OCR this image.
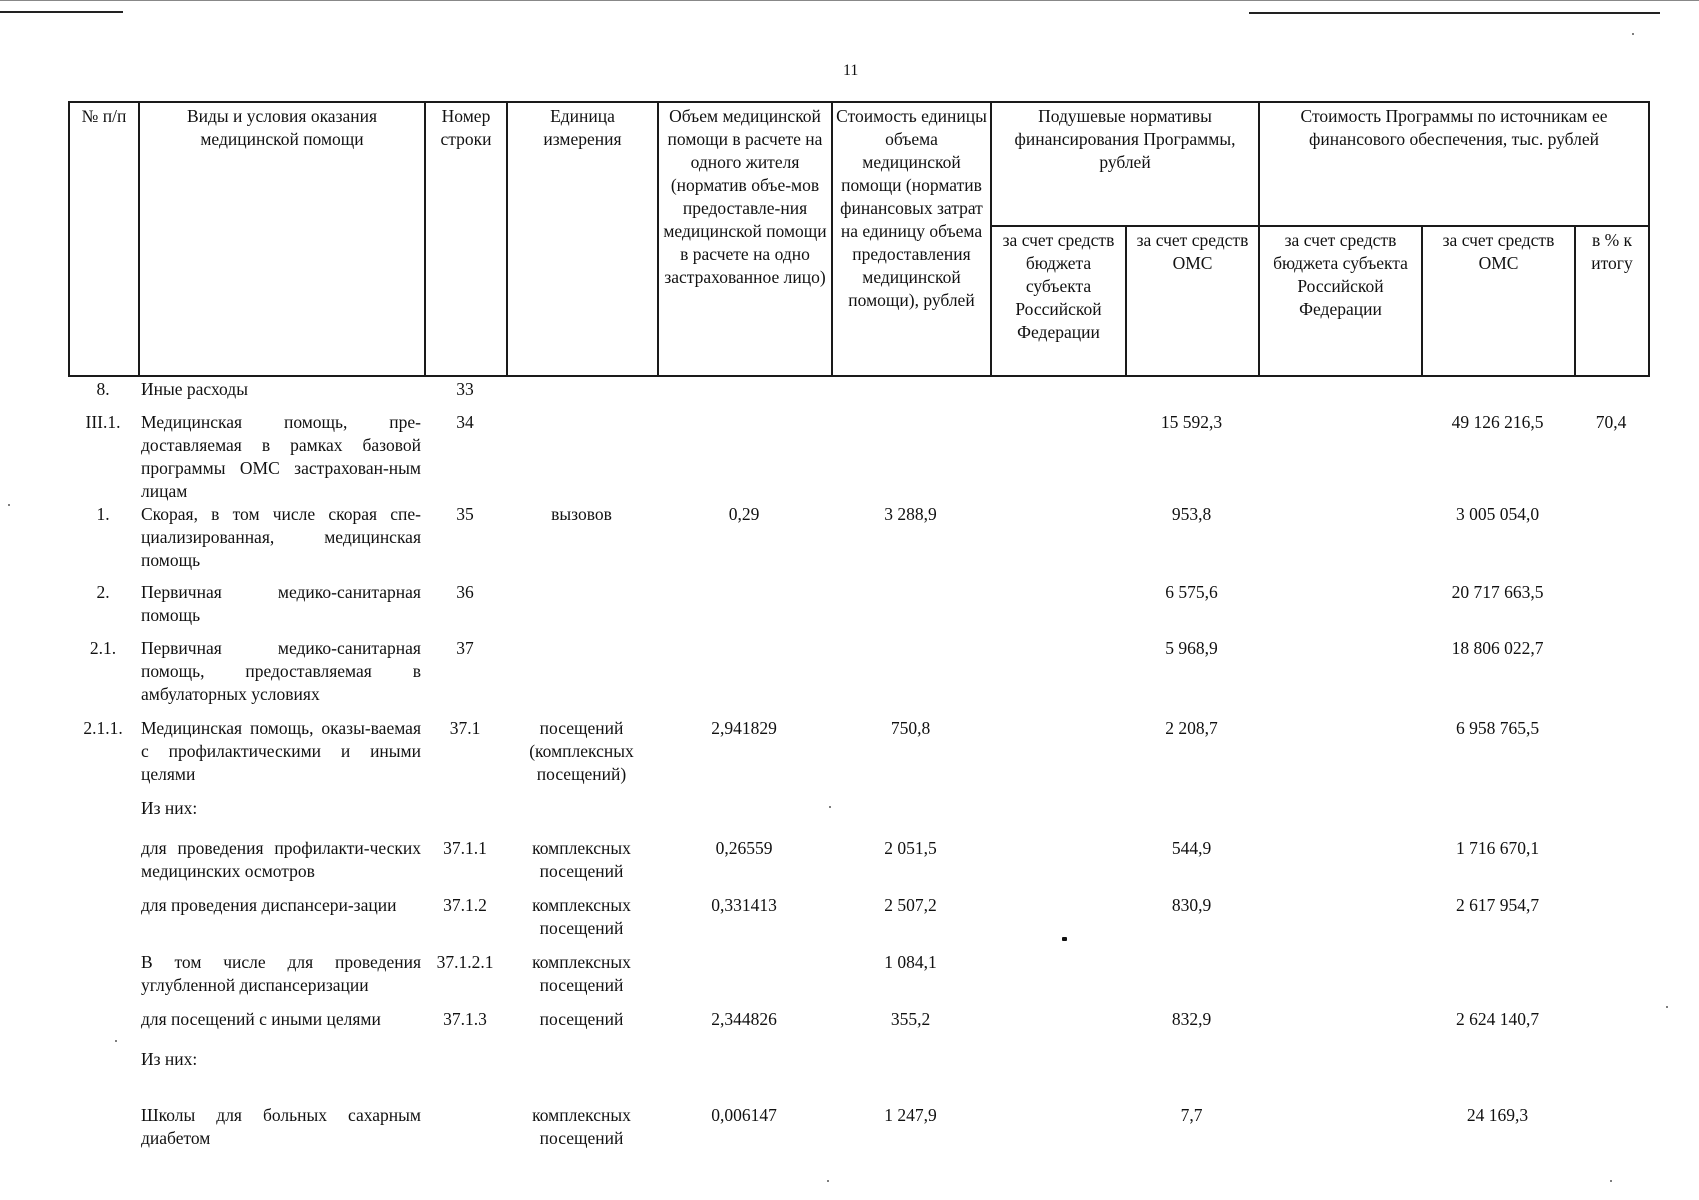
11
№ п/п	Виды и условия оказания медицинской помощи	Номер строки	Единица измерения	Объем медицинской помощи в расчете на одного жителя (норматив объе-мов предоставле-ния медицинской помощи в расчете на одно застрахованное лицо)	Стоимость единицы объема медицинской помощи (норматив финансовых затрат на единицу объема предоставления медицинской помощи), рублей	Подушевые нормативы финансирования Программы, рублей		Стоимость Программы по источникам ее финансового обеспечения, тыс. рублей		
						за счет средств бюджета субъекта Российской Федерации	за счет средств ОМС	за счет средств бюджета субъекта Российской Федерации	за счет средств ОМС	в % к итогу
8.	Иные расходы	33								
III.1.	Медицинская помощь, пре-доставляемая в рамках базовой программы ОМС застрахован-ным лицам	34					15 592,3		49 126 216,5	70,4
1.	Скорая, в том числе скорая спе-циализированная, медицинская помощь	35	вызовов	0,29	3 288,9		953,8		3 005 054,0	
2.	Первичная медико-санитарная помощь	36					6 575,6		20 717 663,5	
2.1.	Первичная медико-санитарная помощь, предоставляемая в амбулаторных условиях	37					5 968,9		18 806 022,7	
2.1.1.	Медицинская помощь, оказы-ваемая с профилактическими и иными целями	37.1	посещений (комплексных посещений)	2,941829	750,8		2 208,7		6 958 765,5	
	Из них:									
	для проведения профилакти-ческих медицинских осмотров	37.1.1	комплексных посещений	0,26559	2 051,5		544,9		1 716 670,1	
	для проведения диспансери-зации	37.1.2	комплексных посещений	0,331413	2 507,2		830,9		2 617 954,7	
	В том числе для проведения углубленной диспансеризации	37.1.2.1	комплексных посещений		1 084,1					
	для посещений с иными целями	37.1.3	посещений	2,344826	355,2		832,9		2 624 140,7	
	Из них:									
	Школы для больных сахарным диабетом		комплексных посещений	0,006147	1 247,9		7,7		24 169,3	
